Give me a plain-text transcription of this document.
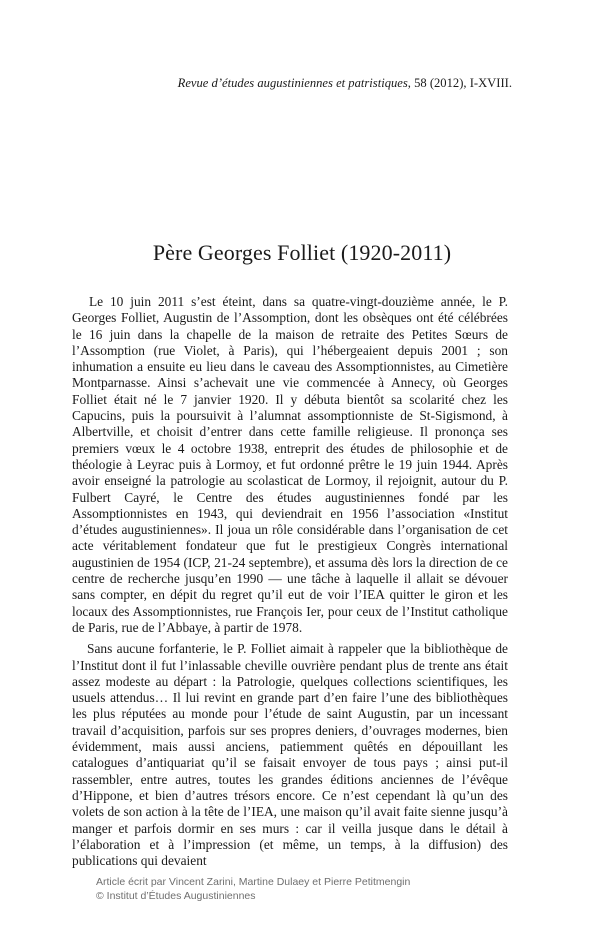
Revue d’études augustiniennes et patristiques, 58 (2012), I-XVIII.
Père Georges Folliet (1920-2011)

Le 10 juin 2011 s’est éteint, dans sa quatre-vingt-douzième année, le P. Georges Folliet, Augustin de l’Assomption, dont les obsèques ont été célébrées le 16 juin dans la chapelle de la maison de retraite des Petites Sœurs de l’Assomption (rue Violet, à Paris), qui l’hébergeaient depuis 2001 ; son inhumation a ensuite eu lieu dans le caveau des Assomptionnistes, au Cimetière Montparnasse. Ainsi s’achevait une vie commencée à Annecy, où Georges Folliet était né le 7 janvier 1920. Il y débuta bientôt sa scolarité chez les Capucins, puis la poursuivit à l’alumnat assomptionniste de St-Sigismond, à Albertville, et choisit d’entrer dans cette famille religieuse. Il prononça ses premiers vœux le 4 octobre 1938, entreprit des études de philosophie et de théologie à Leyrac puis à Lormoy, et fut ordonné prêtre le 19 juin 1944. Après avoir enseigné la patrologie au scolasticat de Lormoy, il rejoignit, autour du P. Fulbert Cayré, le Centre des études augustiniennes fondé par les Assomptionnistes en 1943, qui deviendrait en 1956 l’association «Institut d’études augustiniennes». Il joua un rôle considérable dans l’organisation de cet acte véritablement fondateur que fut le prestigieux Congrès international augustinien de 1954 (ICP, 21-24 septembre), et assuma dès lors la direction de ce centre de recherche jusqu’en 1990 — une tâche à laquelle il allait se dévouer sans compter, en dépit du regret qu’il eut de voir l’IEA quitter le giron et les locaux des Assomptionnistes, rue François Ier, pour ceux de l’Institut catholique de Paris, rue de l’Abbaye, à partir de 1978.

Sans aucune forfanterie, le P. Folliet aimait à rappeler que la bibliothèque de l’Institut dont il fut l’inlassable cheville ouvrière pendant plus de trente ans était assez modeste au départ : la Patrologie, quelques collections scientifiques, les usuels attendus… Il lui revint en grande part d’en faire l’une des bibliothèques les plus réputées au monde pour l’étude de saint Augustin, par un incessant travail d’acquisition, parfois sur ses propres deniers, d’ouvrages modernes, bien évidemment, mais aussi anciens, patiemment quêtés en dépouillant les catalogues d’antiquariat qu’il se faisait envoyer de tous pays ; ainsi put-il rassembler, entre autres, toutes les grandes éditions anciennes de l’évêque d’Hippone, et bien d’autres trésors encore. Ce n’est cependant là qu’un des volets de son action à la tête de l’IEA, une maison qu’il avait faite sienne jusqu’à manger et parfois dormir en ses murs : car il veilla jusque dans le détail à l’élaboration et à l’impression (et même, un temps, à la diffusion) des publications qui devaient

Article écrit par Vincent Zarini, Martine Dulaey et Pierre Petitmengin
© Institut d’Études Augustiniennes
